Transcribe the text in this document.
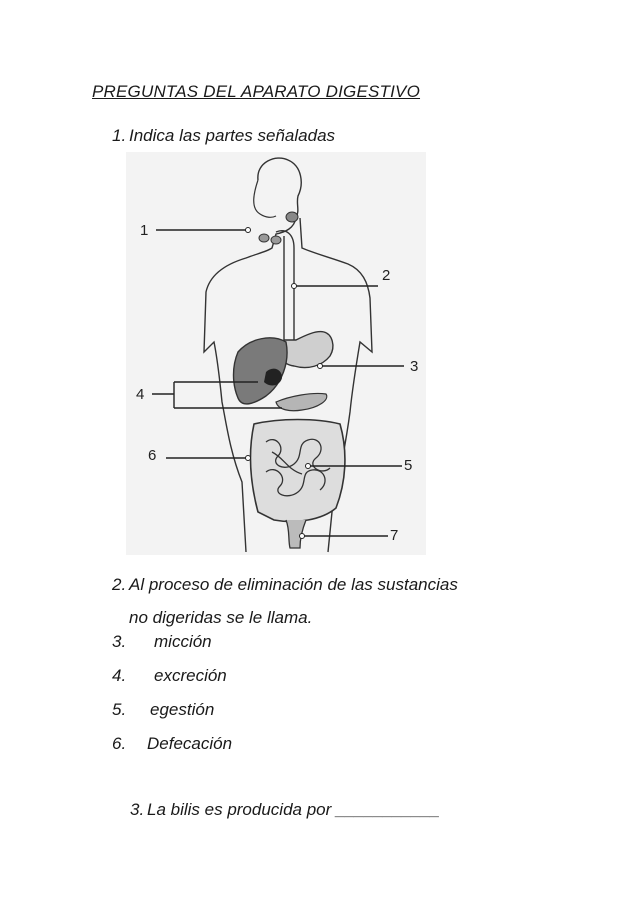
PREGUNTAS DEL APARATO DIGESTIVO
1. Indica las partes señaladas
1
2
3
4
5
6
7
2. Al proceso de eliminación de las sustancias
no digeridas se le llama.
3. micción
4. excreción
5. egestión
6. Defecación
3. La bilis es producida por ___________
